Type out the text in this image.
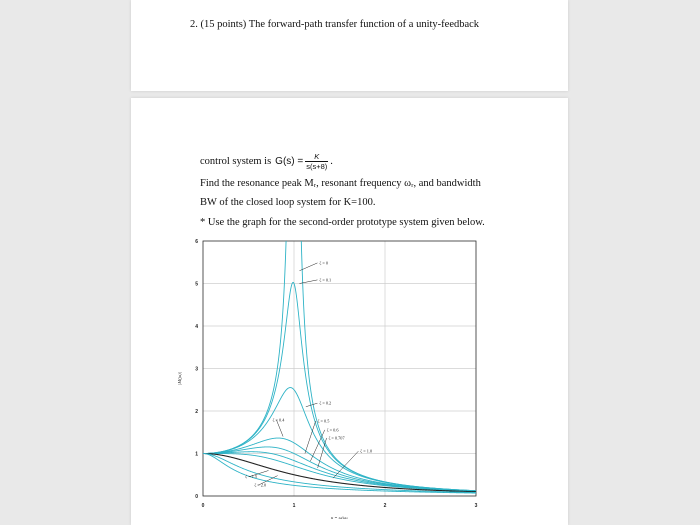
2. (15 points) The forward-path transfer function of a unity-feedback
control system is $G(s) = \frac{K}{s(s+8)}$ .
Find the resonance peak Mᵣ, resonant frequency ωᵣ, and bandwidth
BW of the closed loop system for K=100.
* Use the graph for the second-order prototype system given below.
0
1
2
3
4
5
6
0	1	2	3
|M(ju)|
u = ω/ωₙ
ζ = 0
ζ = 0.1
ζ = 0.2
ζ = 0.4	ζ = 0.5
ζ = 0.6
ζ = 0.707
ζ = 1.0
ζ = 1.5
ζ = 2.0
